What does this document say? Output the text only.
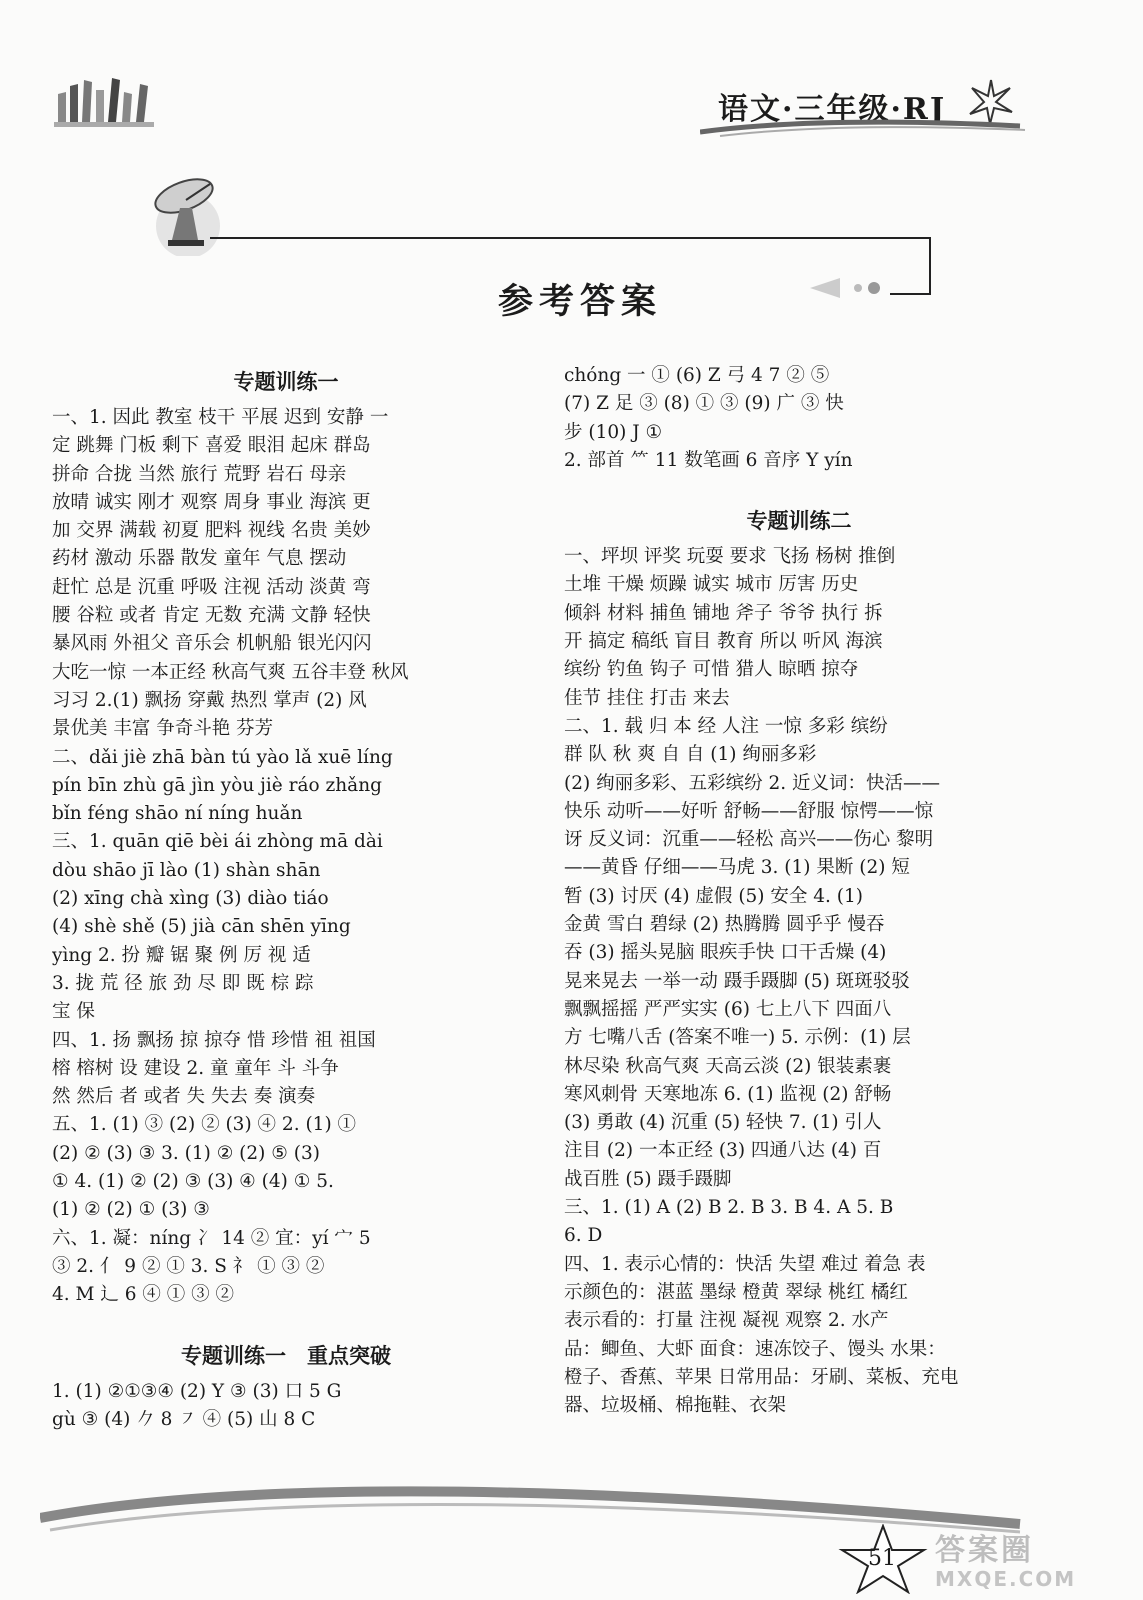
语文·三年级·RJ
参考答案
专题训练一
一、1. 因此 教室 枝干 平展 迟到 安静 一
定 跳舞 门板 剩下 喜爱 眼泪 起床 群岛
拼命 合拢 当然 旅行 荒野 岩石 母亲
放晴 诚实 刚才 观察 周身 事业 海滨 更
加 交界 满载 初夏 肥料 视线 名贵 美妙
药材 激动 乐器 散发 童年 气息 摆动
赶忙 总是 沉重 呼吸 注视 活动 淡黄 弯
腰 谷粒 或者 肯定 无数 充满 文静 轻快
暴风雨 外祖父 音乐会 机帆船 银光闪闪
大吃一惊 一本正经 秋高气爽 五谷丰登 秋风
习习 2.(1) 飘扬 穿戴 热烈 掌声 (2) 风
景优美 丰富 争奇斗艳 芬芳
二、dǎi jiè zhā bàn tú yào lǎ xuē líng
pín bīn zhù gā jìn yòu jiè ráo zhǎng
bǐn féng shāo ní níng huǎn
三、1. quān qiē bèi ái zhòng mā dài
dòu shāo jī lào (1) shàn shān
(2) xīng chà xìng (3) diào tiáo
(4) shè shě (5) jià cān shēn yīng
yìng 2. 扮 瓣 锯 聚 例 厉 视 适
3. 拢 荒 径 旅 劲 尽 即 既 棕 踪
宝 保
四、1. 扬 飘扬 掠 掠夺 惜 珍惜 祖 祖国
榕 榕树 设 建设 2. 童 童年 斗 斗争
然 然后 者 或者 失 失去 奏 演奏
五、1. (1) ③ (2) ② (3) ④ 2. (1) ①
(2) ② (3) ③ 3. (1) ② (2) ⑤ (3)
① 4. (1) ② (2) ③ (3) ④ (4) ① 5.
(1) ② (2) ① (3) ③
六、1. 凝：níng 冫 14 ② 宜：yí 宀 5
③ 2. 亻 9 ② ① 3. S 礻 ① ③ ②
4. M 辶 6 ④ ① ③ ②
专题训练一　重点突破
1. (1) ②①③④ (2) Y ③ (3) 口 5 G
gù ③ (4) 𠂊 8 ㇇ ④ (5) 山 8 C
chóng 一 ① (6) Z 弓 4 7 ② ⑤
(7) Z 足 ③ (8) ① ③ (9) 广 ③ 快
步 (10) J ①
2. 部首 ⺮ 11 数笔画 6 音序 Y yín
专题训练二
一、坪坝 评奖 玩耍 要求 飞扬 杨树 推倒
土堆 干燥 烦躁 诚实 城市 厉害 历史
倾斜 材料 捕鱼 铺地 斧子 爷爷 执行 拆
开 搞定 稿纸 盲目 教育 所以 听风 海滨
缤纷 钓鱼 钩子 可惜 猎人 晾晒 掠夺
佳节 挂住 打击 来去
二、1. 载 归 本 经 人注 一惊 多彩 缤纷
群 队 秋 爽 自 自 (1) 绚丽多彩
(2) 绚丽多彩、五彩缤纷 2. 近义词：快活——
快乐 动听——好听 舒畅——舒服 惊愕——惊
讶 反义词：沉重——轻松 高兴——伤心 黎明
——黄昏 仔细——马虎 3. (1) 果断 (2) 短
暂 (3) 讨厌 (4) 虚假 (5) 安全 4. (1)
金黄 雪白 碧绿 (2) 热腾腾 圆乎乎 慢吞
吞 (3) 摇头晃脑 眼疾手快 口干舌燥 (4)
晃来晃去 一举一动 蹑手蹑脚 (5) 斑斑驳驳
飘飘摇摇 严严实实 (6) 七上八下 四面八
方 七嘴八舌 (答案不唯一) 5. 示例：(1) 层
林尽染 秋高气爽 天高云淡 (2) 银装素裹
寒风刺骨 天寒地冻 6. (1) 监视 (2) 舒畅
(3) 勇敢 (4) 沉重 (5) 轻快 7. (1) 引人
注目 (2) 一本正经 (3) 四通八达 (4) 百
战百胜 (5) 蹑手蹑脚
三、1. (1) A (2) B 2. B 3. B 4. A 5. B
6. D
四、1. 表示心情的：快活 失望 难过 着急 表
示颜色的：湛蓝 墨绿 橙黄 翠绿 桃红 橘红
表示看的：打量 注视 凝视 观察 2. 水产
品：鲫鱼、大虾 面食：速冻饺子、馒头 水果：
橙子、香蕉、苹果 日常用品：牙刷、菜板、充电
器、垃圾桶、棉拖鞋、衣架
51 答案圈
MXQE.COM
